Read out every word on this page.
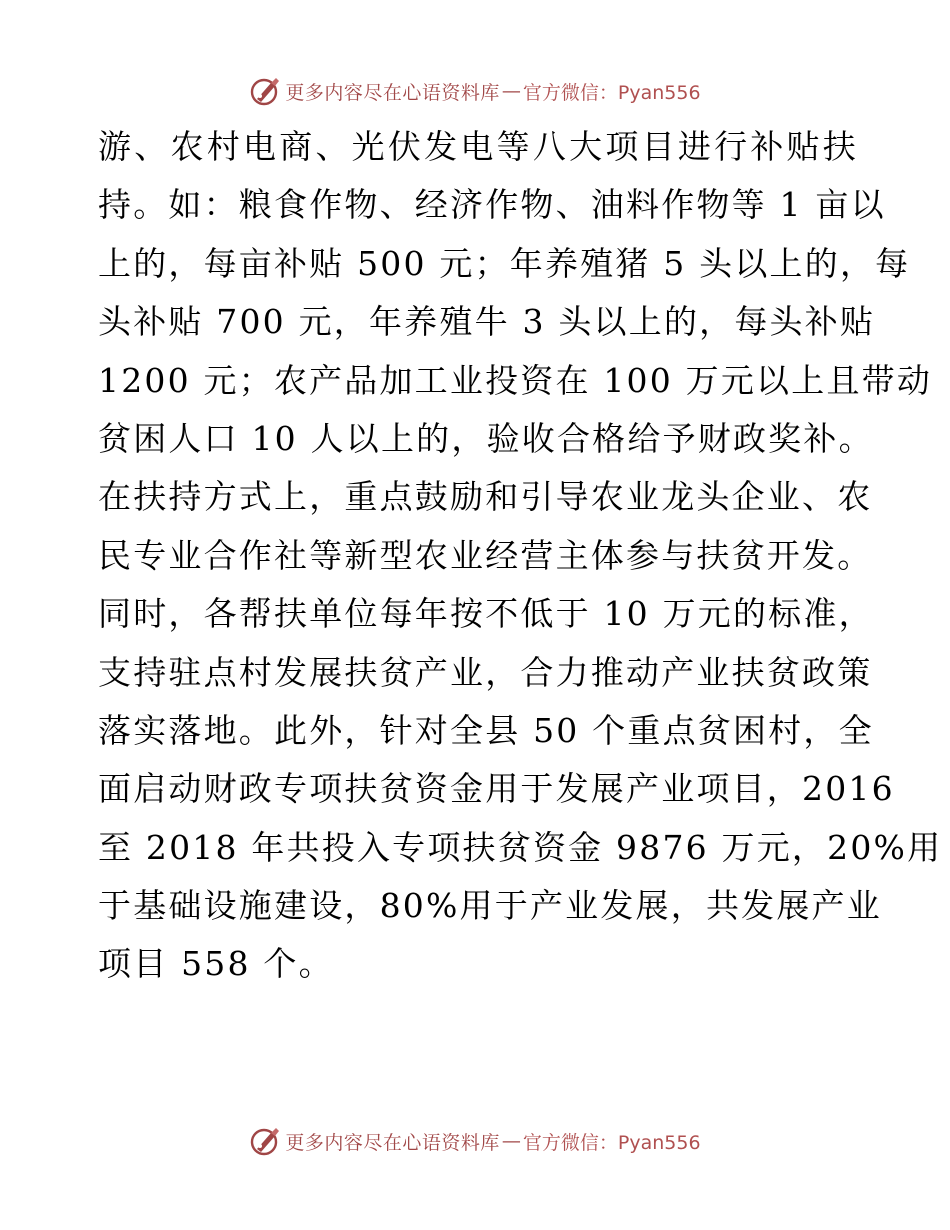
更多内容尽在心语资料库 — 官方微信：Pyan556
游、农村电商、光伏发电等八大项目进行补贴扶
持。如：粮食作物、经济作物、油料作物等 1 亩以
上的，每亩补贴 500 元；年养殖猪 5 头以上的，每
头补贴 700 元，年养殖牛 3 头以上的，每头补贴
1200 元；农产品加工业投资在 100 万元以上且带动
贫困人口 10 人以上的，验收合格给予财政奖补。
在扶持方式上，重点鼓励和引导农业龙头企业、农
民专业合作社等新型农业经营主体参与扶贫开发。
同时，各帮扶单位每年按不低于 10 万元的标准，
支持驻点村发展扶贫产业，合力推动产业扶贫政策
落实落地。此外，针对全县 50 个重点贫困村，全
面启动财政专项扶贫资金用于发展产业项目，2016
至 2018 年共投入专项扶贫资金 9876 万元，20%用
于基础设施建设，80%用于产业发展，共发展产业
项目 558 个。
更多内容尽在心语资料库 — 官方微信：Pyan556
